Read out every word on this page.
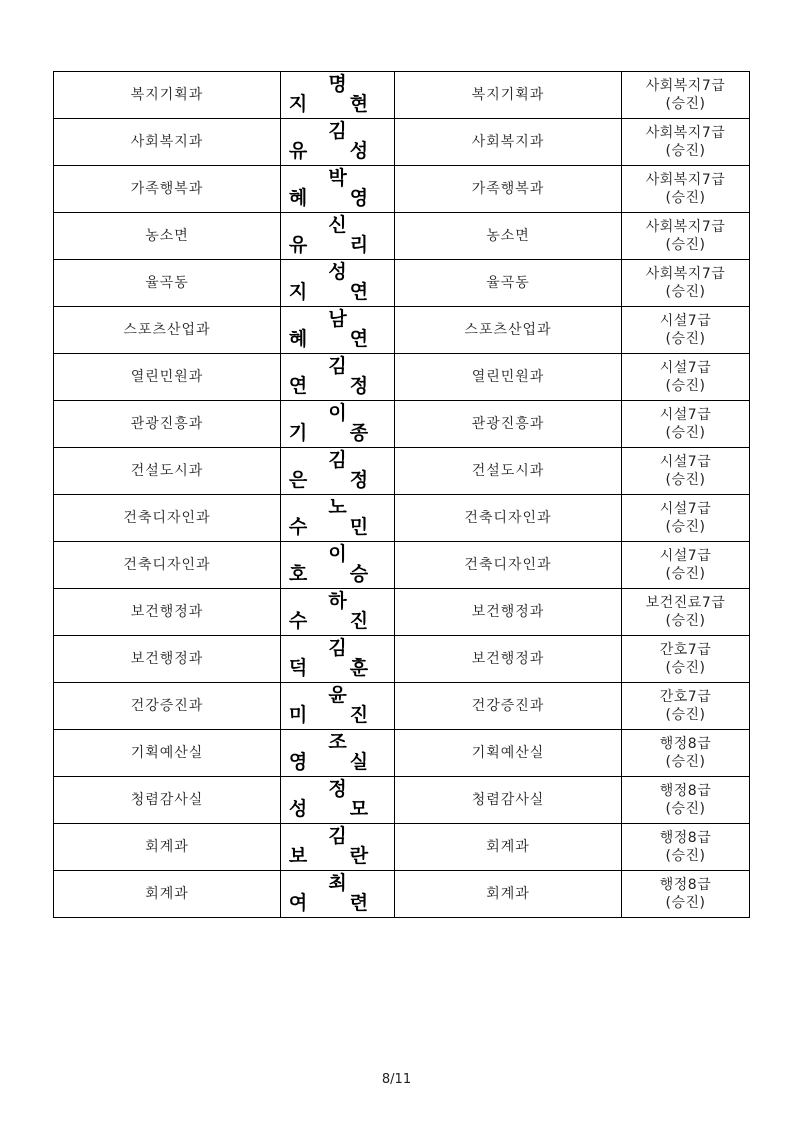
복지기획과	명 지 현	복지기획과	사회복지7급
(승진)

사회복지과	김 유 성	사회복지과	사회복지7급
(승진)

가족행복과	박 혜 영	가족행복과	사회복지7급
(승진)

농소면	신 유 리	농소면	사회복지7급
(승진)

율곡동	성 지 연	율곡동	사회복지7급
(승진)

스포츠산업과	남 혜 연	스포츠산업과	시설7급
(승진)

열린민원과	김 연 정	열린민원과	시설7급
(승진)

관광진흥과	이 기 종	관광진흥과	시설7급
(승진)

건설도시과	김 은 정	건설도시과	시설7급
(승진)

건축디자인과	노 수 민	건축디자인과	시설7급
(승진)

건축디자인과	이 호 승	건축디자인과	시설7급
(승진)

보건행정과	하 수 진	보건행정과	보건진료7급
(승진)

보건행정과	김 덕 훈	보건행정과	간호7급
(승진)

건강증진과	윤 미 진	건강증진과	간호7급
(승진)

기획예산실	조 영 실	기획예산실	행정8급
(승진)

청렴감사실	정 성 모	청렴감사실	행정8급
(승진)

회계과	김 보 란	회계과	행정8급
(승진)

회계과	최 여 련	회계과	행정8급
(승진)
8/11
